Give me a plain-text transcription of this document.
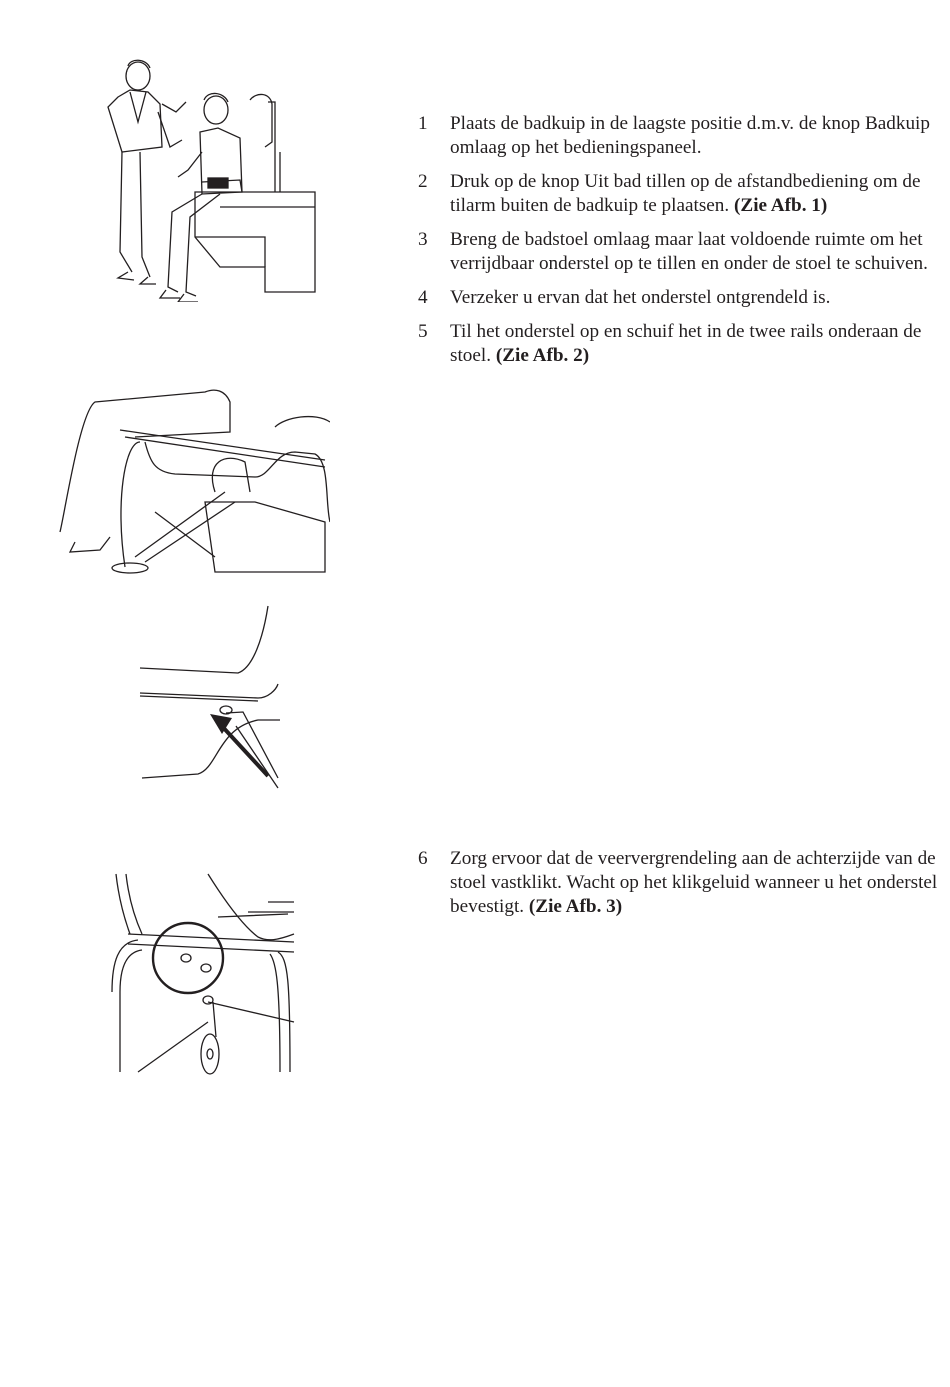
1	Plaats de badkuip in de laagste positie d.m.v. de knop Badkuip omlaag op het bedieningspaneel.
2	Druk op de knop Uit bad tillen op de afstandbediening om de tilarm buiten de badkuip te plaatsen. (Zie Afb. 1)
3	Breng de badstoel omlaag maar laat voldoende ruimte om het verrijdbaar onderstel op te tillen en onder de stoel te schuiven.
4	Verzeker u ervan dat het onderstel ontgrendeld is.
5	Til het onderstel op en schuif het in de twee rails onderaan de stoel. (Zie Afb. 2)
6	Zorg ervoor dat de veervergrendeling aan de achterzijde van de stoel vastklikt. Wacht op het klikgeluid wanneer u het onderstel bevestigt. (Zie Afb. 3)
